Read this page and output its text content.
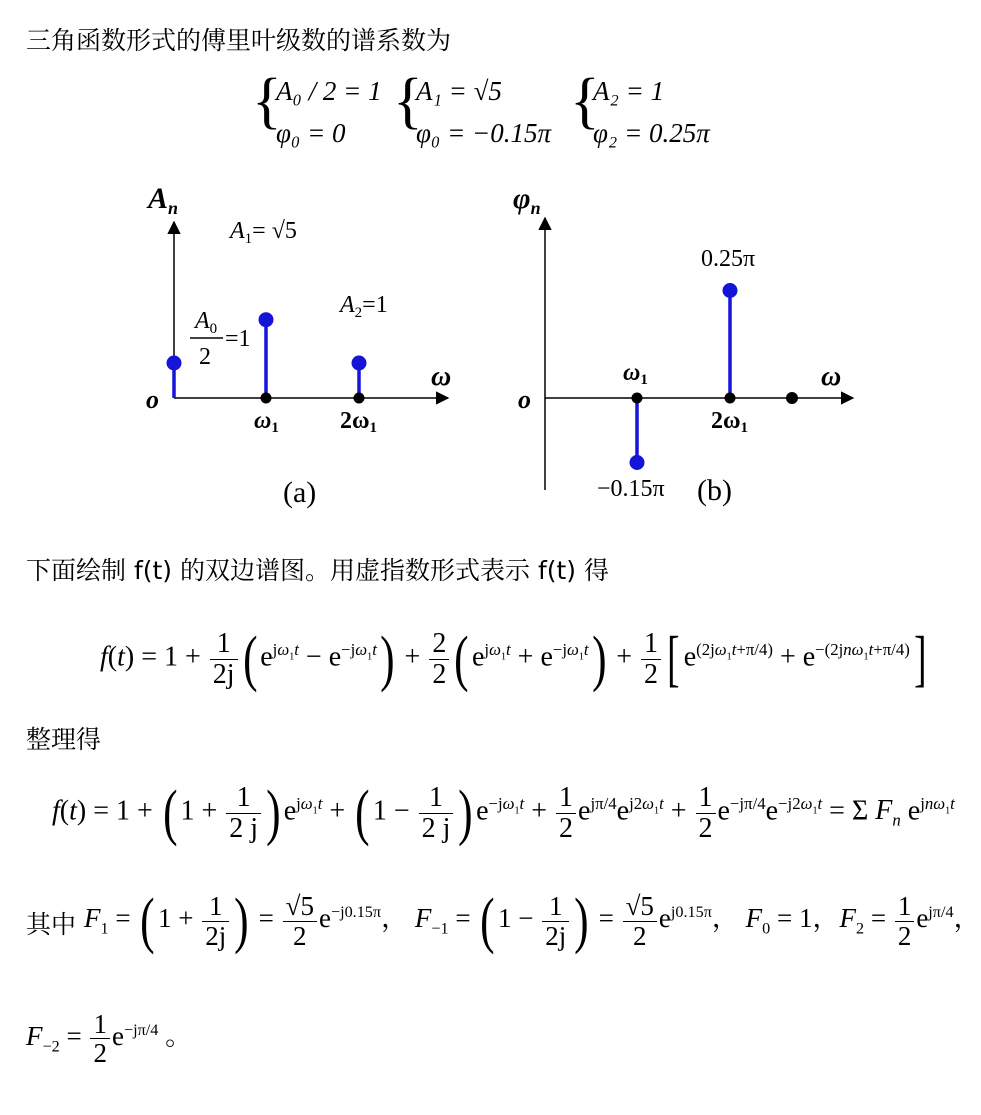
三角函数形式的傅里叶级数的谱系数为
{
A₀ / 2 = 1
φ₀ = 0 {
A₁ = √5
φ₀ = −0.15π {
A₂ = 1
φ₂ = 0.25π
$A_n$
ω
o
ω1	2ω1
$A_0$
2
=1
$A_1= √5$
$A_2=1$
(a)
$\varphi_n$
ω
o
ω1
2ω1
−0.15π
0.25π
(b)
下面绘制 f(t) 的双边谱图。用虚指数形式表示 f(t) 得
$f(t) = 1 + \frac{1}{2j}$ ( $e^{j\omega_1t} - e^{-j\omega_1t}) + \frac{2}{2}$ ( $e^{j\omega_1t} + e^{-j\omega_1t}) + \frac{1}{2}$ [ $e^{(2j\omega_1t+\pi/4)} + e^{-(2jn\omega_1t+\pi/4)}$]
整理得
f(t) = 1 + ( $1 + \frac{1}{2 j}$ ) $e^{j\omega_1t}$ + ( $1 - \frac{1}{2 j}$ ) $e^{-j\omega_1t} + \frac{1}{2} e^{j\pi/4}e^{j2\omega_1t} + \frac{1}{2} e^{-j\pi/4}e^{-j2\omega_1t} = \Sigma$ $F_n$ $e^{jn\omega_1t}$
其中 $F_1$ = ( $1 + \frac{1}{2j}$ ) = $\frac{√5}{2} e^{-j0.15\pi}$， $F_{-1}$ = ( $1 - \frac{1}{2j}$ ) = $\frac{√5}{2} e^{j0.15\pi}$， $F_0 = 1$，$F_2 = \frac{1}{2} e^{j\pi/4}$，
$F_{-2} = \frac{1}{2} e^{-j\pi/4}$ 。
